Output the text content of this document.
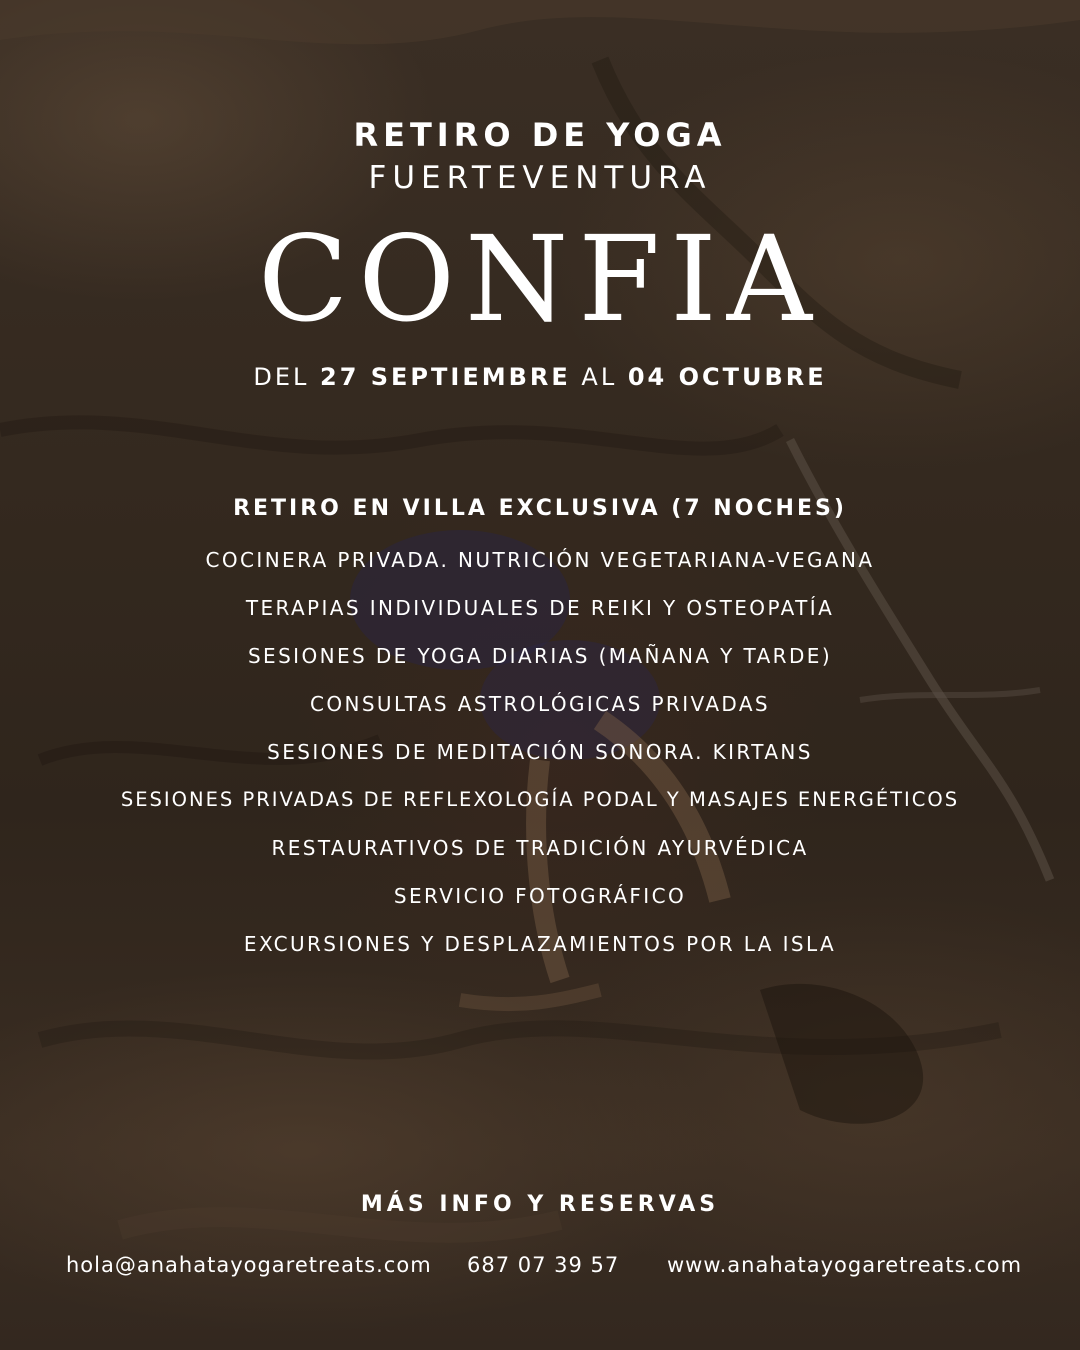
RETIRO DE YOGA
FUERTEVENTURA
CONFIA
DEL 27 SEPTIEMBRE AL 04 OCTUBRE
RETIRO EN VILLA EXCLUSIVA (7 NOCHES)
COCINERA PRIVADA. NUTRICIÓN VEGETARIANA-VEGANA
TERAPIAS INDIVIDUALES DE REIKI Y OSTEOPATÍA
SESIONES DE YOGA DIARIAS (MAÑANA Y TARDE)
CONSULTAS ASTROLÓGICAS PRIVADAS
SESIONES DE MEDITACIÓN SONORA. KIRTANS
SESIONES PRIVADAS DE REFLEXOLOGÍA PODAL Y MASAJES ENERGÉTICOS
RESTAURATIVOS DE TRADICIÓN AYURVÉDICA
SERVICIO FOTOGRÁFICO
EXCURSIONES Y DESPLAZAMIENTOS POR LA ISLA
MÁS INFO Y RESERVAS
hola@anahatayogaretreats.com 687 07 39 57 www.anahatayogaretreats.com
